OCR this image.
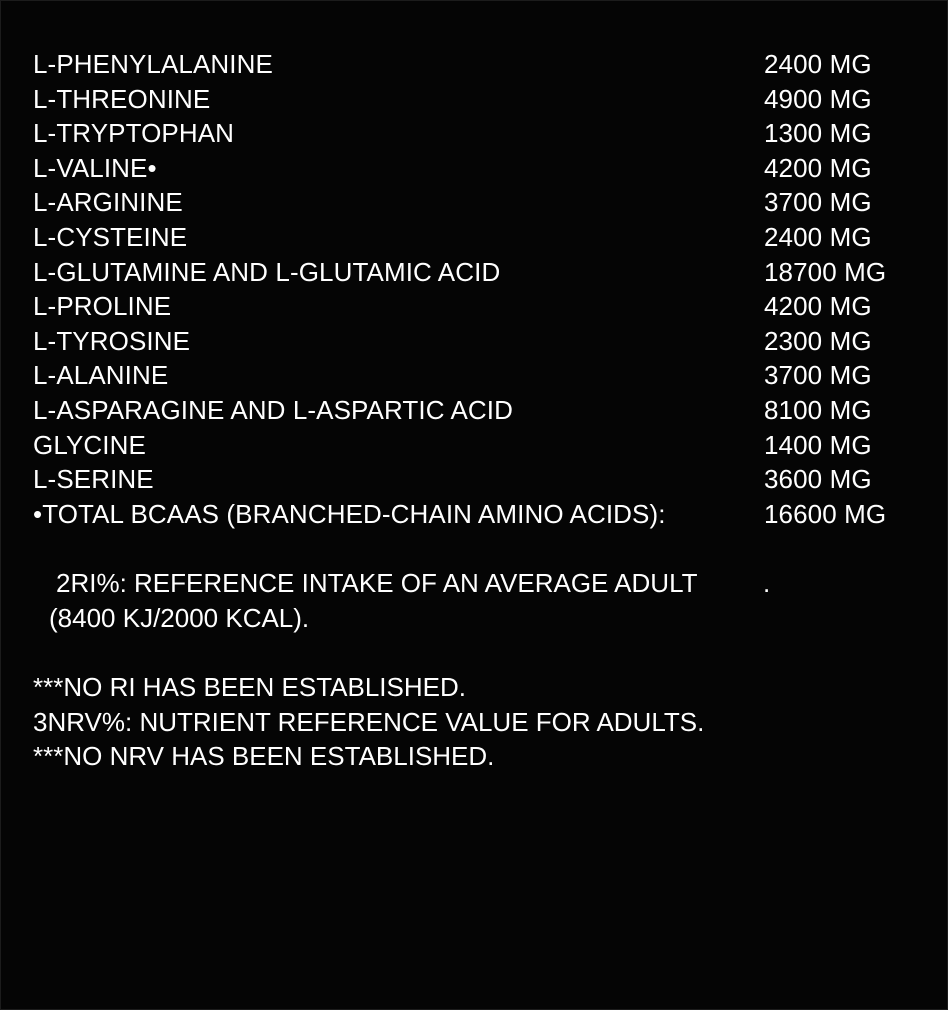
L-PHENYLALANINE	2400 MG
L-THREONINE	4900 MG
L-TRYPTOPHAN	1300 MG
L-VALINE•	4200 MG
L-ARGININE	3700 MG
L-CYSTEINE	2400 MG
L-GLUTAMINE AND L-GLUTAMIC ACID	18700 MG
L-PROLINE	4200 MG
L-TYROSINE	2300 MG
L-ALANINE	3700 MG
L-ASPARAGINE AND L-ASPARTIC ACID	8100 MG
GLYCINE	1400 MG
L-SERINE	3600 MG
•TOTAL BCAAS (BRANCHED-CHAIN AMINO ACIDS):	16600 MG
2RI%: REFERENCE INTAKE OF AN AVERAGE ADULT	.
(8400 KJ/2000 KCAL).
***NO RI HAS BEEN ESTABLISHED.
3NRV%: NUTRIENT REFERENCE VALUE FOR ADULTS.
***NO NRV HAS BEEN ESTABLISHED.
